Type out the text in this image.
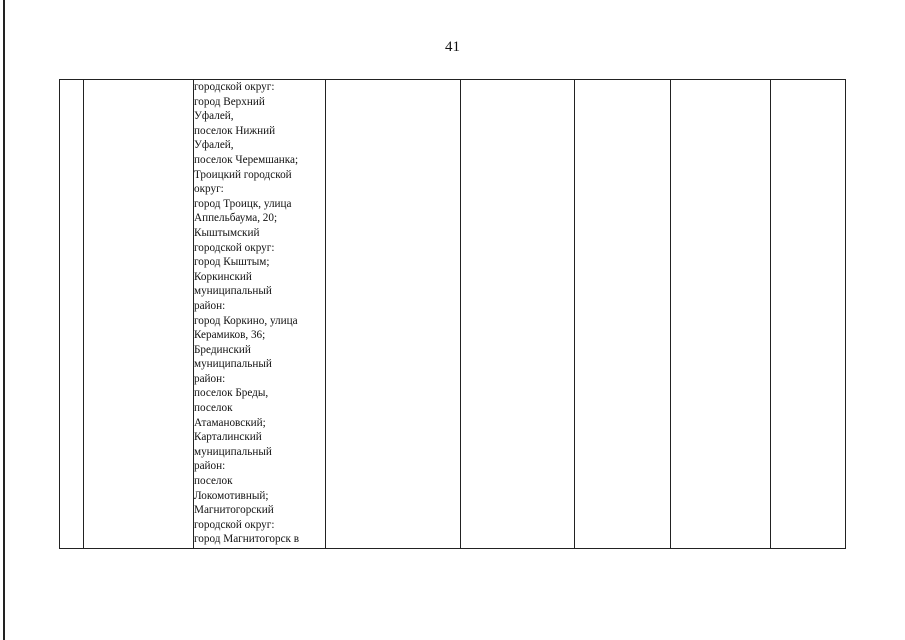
41

городской округ:
город Верхний
Уфалей,
поселок Нижний
Уфалей,
поселок Черемшанка;
Троицкий городской
округ:
город Троицк, улица
Аппельбаума, 20;
Кыштымский
городской округ:
город Кыштым;
Коркинский
муниципальный
район:
город Коркино, улица
Керамиков, 36;
Брединский
муниципальный
район:
поселок Бреды,
поселок
Атамановский;
Карталинский
муниципальный
район:
поселок
Локомотивный;
Магнитогорский
городской округ:
город Магнитогорск в
